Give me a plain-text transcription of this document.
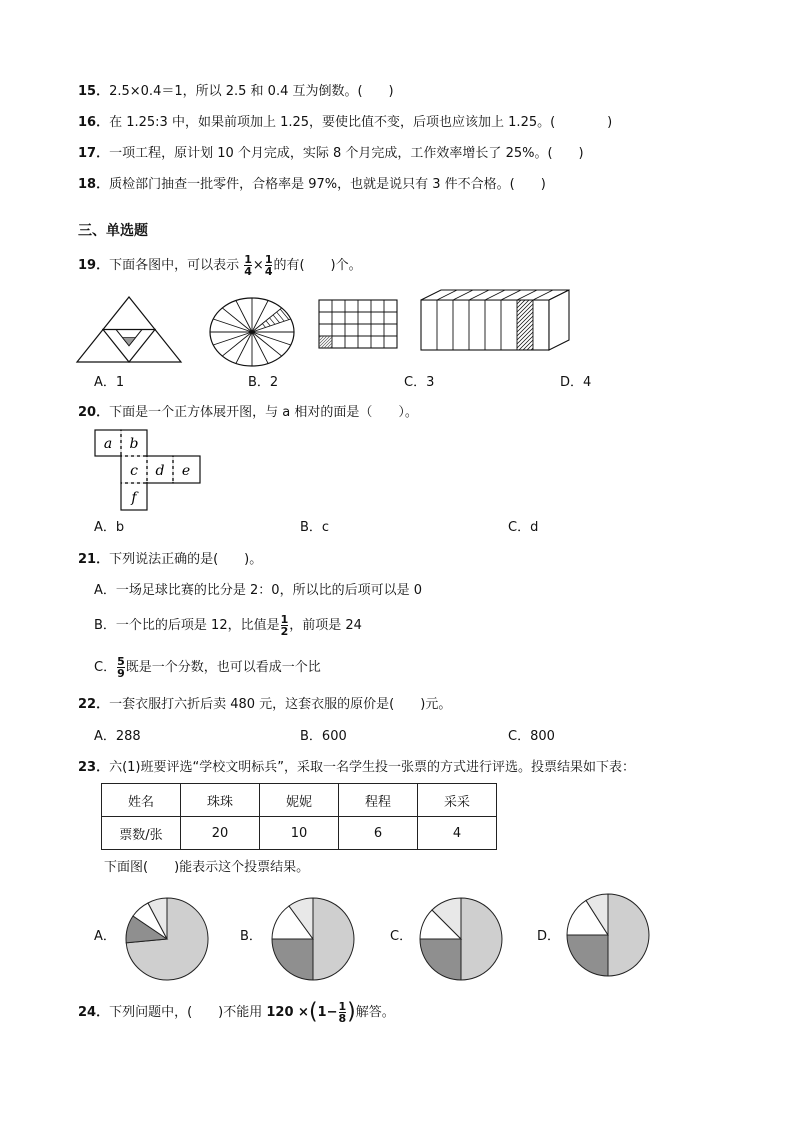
15．2.5×0.4＝1，所以 2.5 和 0.4 互为倒数。(　　)
16．在 1.25:3 中，如果前项加上 1.25，要使比值不变，后项也应该加上 1.25。(　　　　)
17．一项工程，原计划 10 个月完成，实际 8 个月完成，工作效率增长了 25%。(　　)
18．质检部门抽查一批零件，合格率是 97%，也就是说只有 3 件不合格。(　　)
三、单选题
19．下面各图中，可以表示 $\frac{1}{4} \times \frac{1}{4}$ 的有(　　)个。
A．1	B．2	C．3	D．4
20．下面是一个正方体展开图，与 a 相对的面是（　　）。
a b
c d e
f
A．b	B．c	C．d
21．下列说法正确的是(　　)。
A．一场足球比赛的比分是 2：0，所以比的后项可以是 0
B．一个比的后项是 12，比值是 $\frac{1}{2}$ ，前项是 24
C． $\frac{5}{9}$ 既是一个分数，也可以看成一个比
22．一套衣服打六折后卖 480 元，这套衣服的原价是(　　)元。
A．288	B．600	C．800
23．六(1)班要评选“学校文明标兵”，采取一名学生投一张票的方式进行评选。投票结果如下表：
姓名	珠珠	妮妮	程程	采采
票数/张	20	10	6	4
下面图(　　)能表示这个投票结果。
A．	B．	C．	D．
24．下列问题中，(　　)不能用 $120 \times(1- \frac{1}{8}$ )解答。
